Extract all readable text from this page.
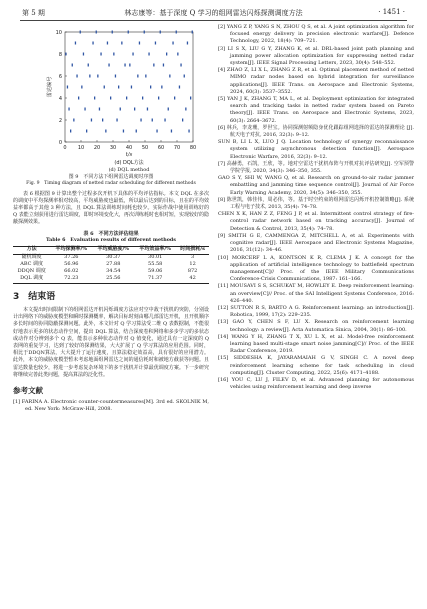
第 5 期	林志康等：基于深度 Q 学习的组网雷达闪烁探测调度方法	· 1451 ·
0 10 20 30 40 50 60 70 80
0
2
4
6
8
10
t/s
雷达编号
(d) DQL方法
(d) DQL method
图 9　不同方法下组网雷达调度时序图
Fig. 9　Timing diagram of netted radar scheduling for different methods

表 6 根据图 9 计算出整个过程多次开机下具体的平均评估指标。本文 DQL 在多次的调度中平均探测率相对较高，平均威胁度也最低，所以最后达到的目标，且在的平均效益率都高于其他 3 种方法，且 DQL 算法训练时间耗也较少。实际作战中使用训练好的 Q 表能立刻获用进行雷达调度，即时环境变化大，再次训练耗时也相对短，实现较好的隐蔽探测效果。

表 6　不同方法评估结果
Table 6　Evaluation results of different methods
方法	平均探测率/%	平均威胁度/%	平均效益率/%	时间损耗/s
随机调度	37.26	30.37	30.01	3
ABC 调度	56.96	27.88	55.58	12
DDQN 调度	66.02	34.54	59.06	872
DQL 调度	72.23	25.56	71.37	42
3　结束语

本文提出时间限制下的组网雷达开机闪烁调度方法应对空中敌干扰机的突防，分别设计出网络下的威胁度模型和瞬时探测概率，解决目标时刻由哪几部雷达开机，且开机顺序多长时间的协同隐蔽探测问题。此外，本文针对 Q 学习算法受二维 Q 表数据制，不能很好地表示更多的状态动作空间，提出 DQL 算法，结合深度卷积网络和多步学习的多状态或动作对分辨到多个 Q 表，能表示多种状态动作对 Q 值变化，通过具有一定深度的 Q 表网的重复学习，达到了较好的探测结果，大大扩展了 Q 学习算法的应用范围。同时，相比于DDQN算法，大大提升了运行速度，且算法稳定效益高，具有很好的应用潜力。此外，本文的威胁度模型暂未考虑地面组网雷达之间的通信耗时和被地方截获等问题。且雷达数量也较少，将进一步考虑复杂环境下的多干扰机并计算最优调度方案。下一步研究将继续完善此类问题，提高算法的泛化性。

参考文献

[1] FARINA A. Electronic counter-countermeasures[M]. 3rd ed. SKOLNIK M, ed. New York: McGraw-Hill, 2008.

[2] YANG Z P, YANG S N, ZHOU Q S, et al. A joint optimization algorithm for focused energy delivery in precision electronic warfare[J]. Defence Technology, 2022, 18(4): 709–721.

[3] LI S X, LIU G Y, ZHANG K, et al. DRL-based joint path planning and jamming power allocation optimization for suppressing netted radar system[J]. IEEE Signal Processing Letters, 2023, 30(4): 548–552.

[4] ZHAO Z, LI X L, ZHANG Z R, et al. Optimal placement method of netted MIMO radar nodes based on hybrid integration for surveillance applications[J]. IEEE Trans. on Aerospace and Electronic Systems, 2024, 60(3): 3537–3552.

[5] YAN J K, ZHANG T, MA L, et al. Deployment optimization for integrated search and tracking tasks in netted radar system based on Pareto theory[J]. IEEE Trans. on Aerospace and Electronic Systems, 2023, 60(3): 2664–3672.

[6] 林兵，李龙珊，罗世宝。协同探测射频隐身优化跟踪组网选择的雷达的探测理论 [J]. 航天电子对抗, 2016, 32(3): 9–12.

SUN B, LI L X, LUO J Q. Location technology of synergy reconnaissance system utilizing asynchronous detection function[J]. Aerospace Electronic Warfare, 2016, 32(3): 9–12.

[7] 高赫勇，石凯，王欣，等。地对空雷达干扰机布阵与开机对抗评估研究[J]. 空军预警学院学报, 2020, 34(3): 346–350, 355.

GAO S Y, SHI W, WANG Q, et al. Research on ground-to-air radar jammer embattling and jamming time sequence control[J]. Journal of Air Force Early Warning Academy, 2020, 34(5): 346–350, 355.

[8] 陈世凯，韩佳伟，周必伟，等。基于时空约束的组网雷达闪烁开机控制策略[J]. 系统工程与电子技术, 2013, 35(4): 74–78.

CHEN X K, HAN Z Z, FENG J P, et al. Intermittent control strategy of fire-control radar network based on tracking accuracy[J]. Journal of Detection & Control, 2013, 35(4): 74–78.

[9] SMITH G E, CAMMENGA Z, MITCHELL A, et al. Experiments with cognitive radar[J]. IEEE Aerospace and Electronic Systems Magazine, 2016, 31(12): 34–46.

[10] MORCERF L A, KONTSON K R, CLEMA J K. A concept for the application of artificial intelligence technology to battlefield spectrum management[C]// Proc. of the IEEE Military Communications Conference-Crisis Communications, 1987: 161–166.

[11] MOUSAVI S S, SCHUKAT M, HOWLEY E. Deep reinforcement learning: an overview[C]// Proc. of the SAI Intelligent Systems Conference, 2016: 426–440.

[12] SUTTON R S, BARTO A G. Reinforcement learning: an introduction[J]. Robotica, 1999, 17(2): 229–235.

[13] GAO Y, CHEN S F, LU X. Research on reinforcement learning technology: a review[J]. Acta Automatica Sinica, 2004, 30(1): 86–100.

[14] WANG Y H, ZHANG T X, XU L X, et al. Model-free reinforcement learning based multi-stage smart noise jamming[C]// Proc. of the IEEE Radar Conference, 2019.

[15] SIDDESHA K, JAYARAMAIAH G V, SINGH C. A novel deep reinforcement learning scheme for task scheduling in cloud computing[J]. Cluster Computing, 2022, 25(6): 4171–4188.

[16] YOU C, LU J, FILEV D, et al. Advanced planning for autonomous vehicles using reinforcement learning and deep inverse
